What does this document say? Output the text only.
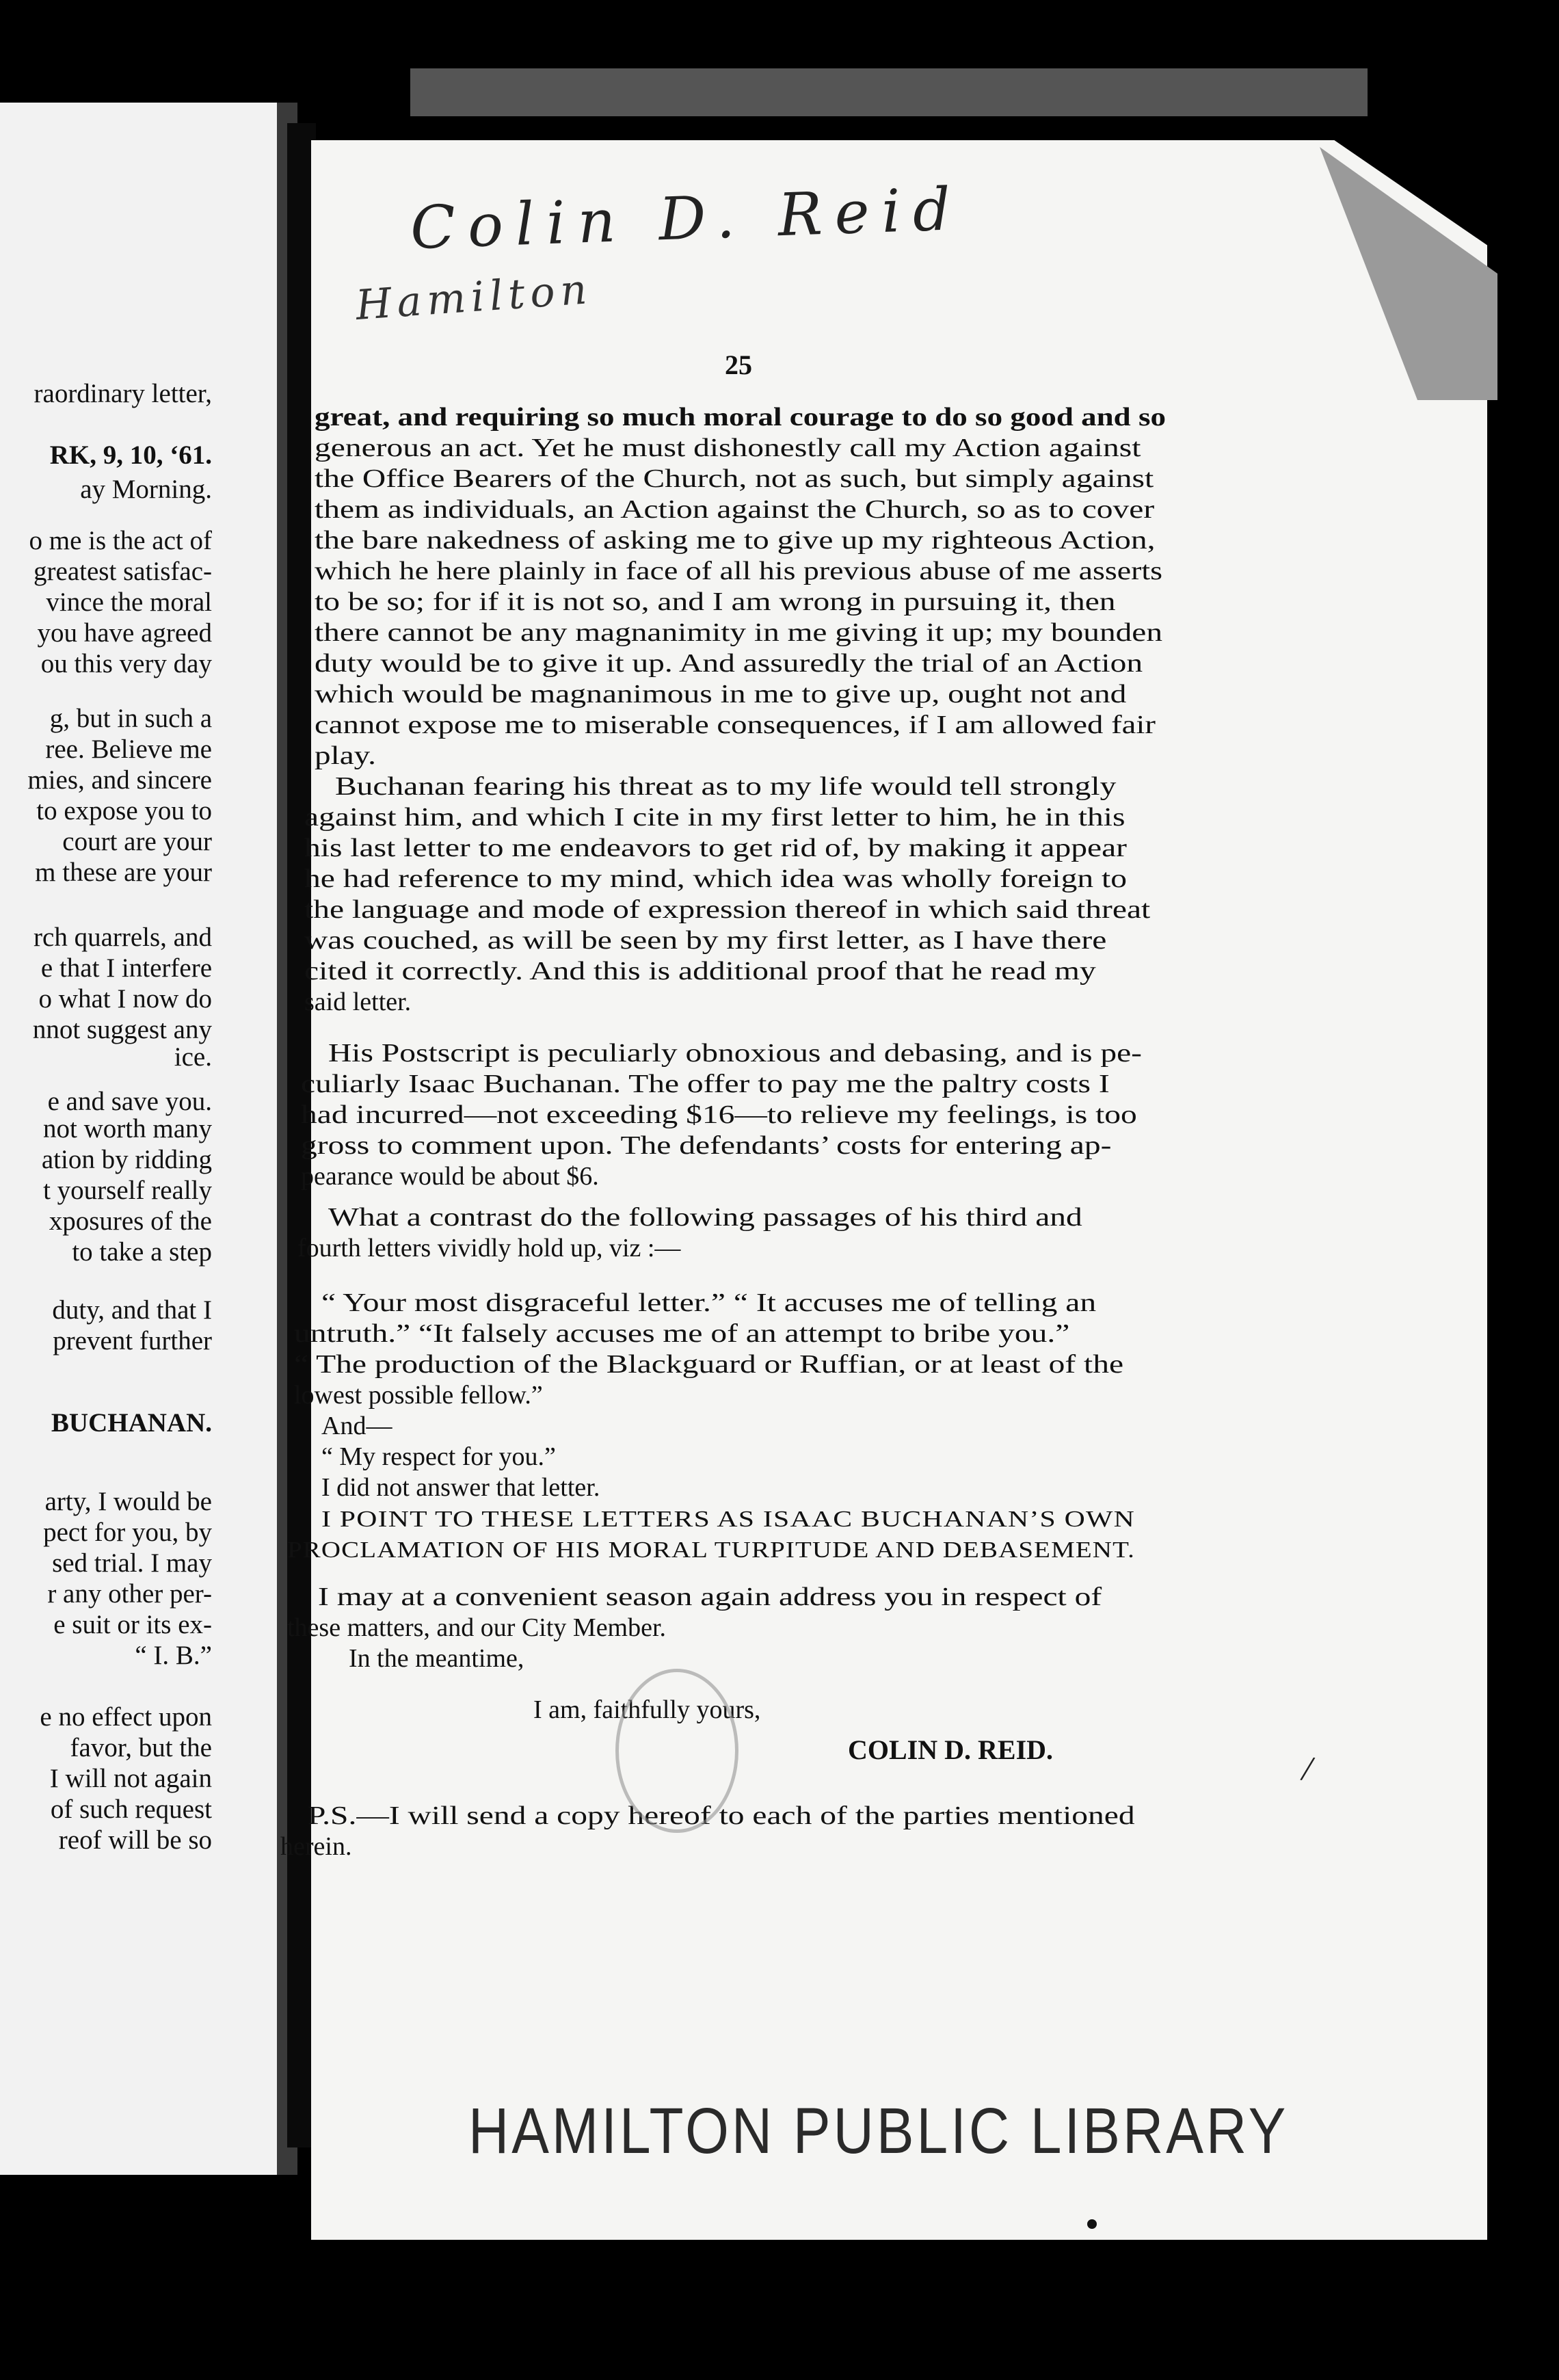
raordinary letter,
RK, 9, 10, ‘61.
ay Morning.
o me is the act of
greatest satisfac-
vince the moral
you have agreed
ou this very day
g, but in such a
ree. Believe me
mies, and sincere
to expose you to
court are your
m these are your
rch quarrels, and
e that I interfere
o what I now do
nnot suggest any
ice.
e and save you.
not worth many
ation by ridding
t yourself really
xposures of the
to take a step
duty, and that I
prevent further
BUCHANAN.
arty, I would be
pect for you, by
sed trial. I may
r any other per-
e suit or its ex-
“ I. B.”
e no effect upon
favor, but the
I will not again
of such request
reof will be so
Colin D. Reid
Hamilton
25
great, and requiring so much moral courage to do so good and so
generous an act. Yet he must dishonestly call my Action against
the Office Bearers of the Church, not as such, but simply against
them as individuals, an Action against the Church, so as to cover
the bare nakedness of asking me to give up my righteous Action,
which he here plainly in face of all his previous abuse of me asserts
to be so; for if it is not so, and I am wrong in pursuing it, then
there cannot be any magnanimity in me giving it up; my bounden
duty would be to give it up. And assuredly the trial of an Action
which would be magnanimous in me to give up, ought not and
cannot expose me to miserable consequences, if I am allowed fair
play.
Buchanan fearing his threat as to my life would tell strongly
against him, and which I cite in my first letter to him, he in this
his last letter to me endeavors to get rid of, by making it appear
he had reference to my mind, which idea was wholly foreign to
the language and mode of expression thereof in which said threat
was couched, as will be seen by my first letter, as I have there
cited it correctly. And this is additional proof that he read my
said letter.
His Postscript is peculiarly obnoxious and debasing, and is pe-
culiarly Isaac Buchanan. The offer to pay me the paltry costs I
had incurred—not exceeding $16—to relieve my feelings, is too
gross to comment upon. The defendants’ costs for entering ap-
pearance would be about $6.
What a contrast do the following passages of his third and
fourth letters vividly hold up, viz :—
“ Your most disgraceful letter.” “ It accuses me of telling an
untruth.” “It falsely accuses me of an attempt to bribe you.”
“ The production of the Blackguard or Ruffian, or at least of the
lowest possible fellow.”
And—
“ My respect for you.”
I did not answer that letter.
I POINT TO THESE LETTERS AS ISAAC BUCHANAN’S OWN
PROCLAMATION OF HIS MORAL TURPITUDE AND DEBASEMENT.
I may at a convenient season again address you in respect of
these matters, and our City Member.
In the meantime,
I am, faithfully yours,
P.S.—I will send a copy hereof to each of the parties mentioned
herein.
COLIN D. REID.	/
HAMILTON PUBLIC LIBRARY
